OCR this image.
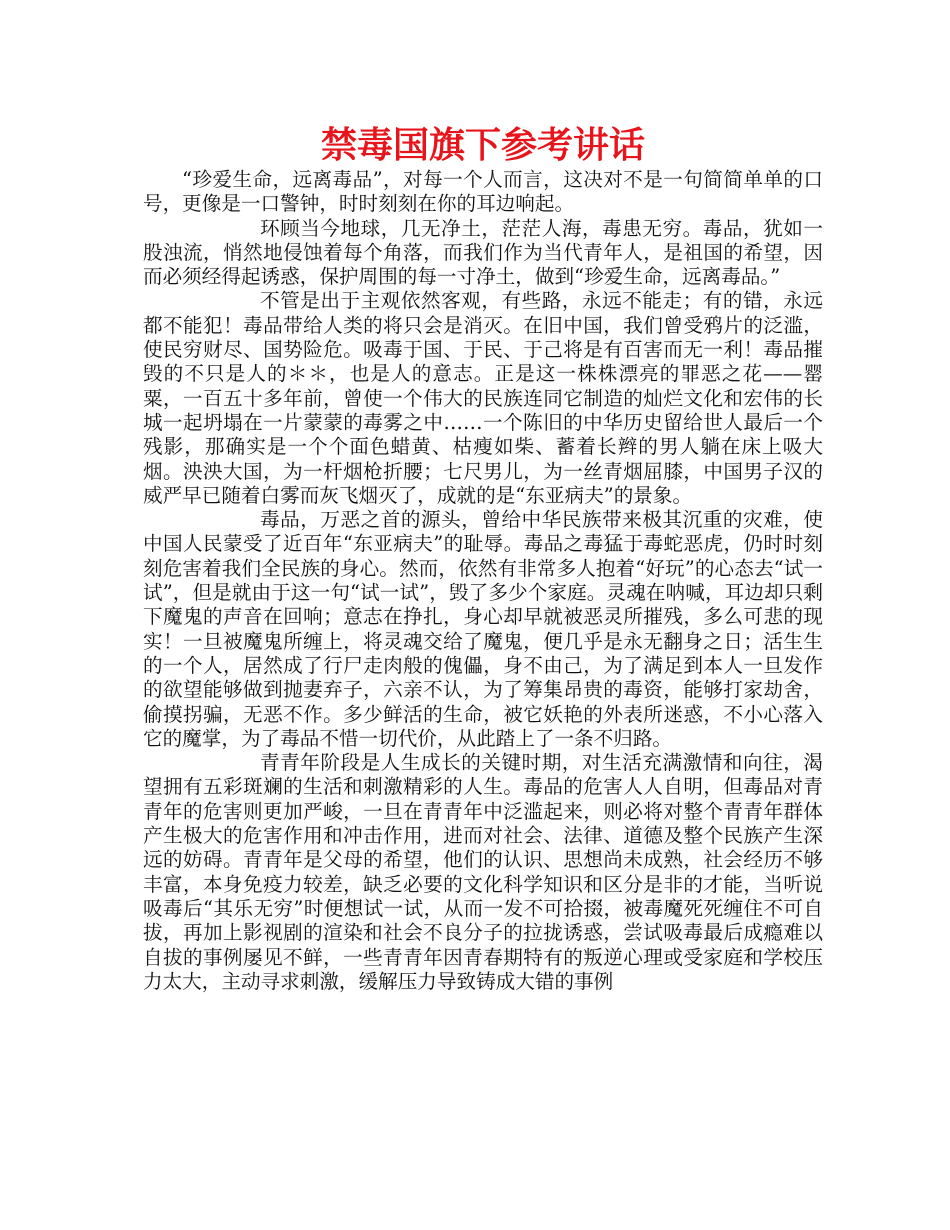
禁毒国旗下参考讲话

“珍爱生命，远离毒品”，对每一个人而言，这决对不是一句简简单单的口号，更像是一口警钟，时时刻刻在你的耳边响起。

环顾当今地球，几无净土，茫茫人海，毒患无穷。毒品，犹如一股浊流，悄然地侵蚀着每个角落，而我们作为当代青年人，是祖国的希望，因而必须经得起诱惑，保护周围的每一寸净土，做到“珍爱生命，远离毒品。”

不管是出于主观依然客观，有些路，永远不能走；有的错，永远都不能犯！毒品带给人类的将只会是消灭。在旧中国，我们曾受鸦片的泛滥，使民穷财尽、国势险危。吸毒于国、于民、于己将是有百害而无一利！毒品摧毁的不只是人的＊＊，也是人的意志。正是这一株株漂亮的罪恶之花——罂粟，一百五十多年前，曾使一个伟大的民族连同它制造的灿烂文化和宏伟的长城一起坍塌在一片蒙蒙的毒雾之中……一个陈旧的中华历史留给世人最后一个残影，那确实是一个个面色蜡黄、枯瘦如柴、蓄着长辫的男人躺在床上吸大烟。泱泱大国，为一杆烟枪折腰；七尺男儿，为一丝青烟屈膝，中国男子汉的威严早已随着白雾而灰飞烟灭了，成就的是“东亚病夫”的景象。

毒品，万恶之首的源头，曾给中华民族带来极其沉重的灾难，使中国人民蒙受了近百年“东亚病夫”的耻辱。毒品之毒猛于毒蛇恶虎，仍时时刻刻危害着我们全民族的身心。然而，依然有非常多人抱着“好玩”的心态去“试一试”，但是就由于这一句“试一试”，毁了多少个家庭。灵魂在呐喊，耳边却只剩下魔鬼的声音在回响；意志在挣扎，身心却早就被恶灵所摧残，多么可悲的现实！一旦被魔鬼所缠上，将灵魂交给了魔鬼，便几乎是永无翻身之日；活生生的一个人，居然成了行尸走肉般的傀儡，身不由己，为了满足到本人一旦发作的欲望能够做到抛妻弃子，六亲不认，为了筹集昂贵的毒资，能够打家劫舍，偷摸拐骗，无恶不作。多少鲜活的生命，被它妖艳的外表所迷惑，不小心落入它的魔掌，为了毒品不惜一切代价，从此踏上了一条不归路。

青青年阶段是人生成长的关键时期，对生活充满激情和向往，渴望拥有五彩斑斓的生活和刺激精彩的人生。毒品的危害人人自明，但毒品对青青年的危害则更加严峻，一旦在青青年中泛滥起来，则必将对整个青青年群体产生极大的危害作用和冲击作用，进而对社会、法律、道德及整个民族产生深远的妨碍。青青年是父母的希望，他们的认识、思想尚未成熟，社会经历不够丰富，本身免疫力较差，缺乏必要的文化科学知识和区分是非的才能，当听说吸毒后“其乐无穷”时便想试一试，从而一发不可拾掇，被毒魔死死缠住不可自拔，再加上影视剧的渲染和社会不良分子的拉拢诱惑，尝试吸毒最后成瘾难以自拔的事例屡见不鲜，一些青青年因青春期特有的叛逆心理或受家庭和学校压力太大，主动寻求刺激，缓解压力导致铸成大错的事例
